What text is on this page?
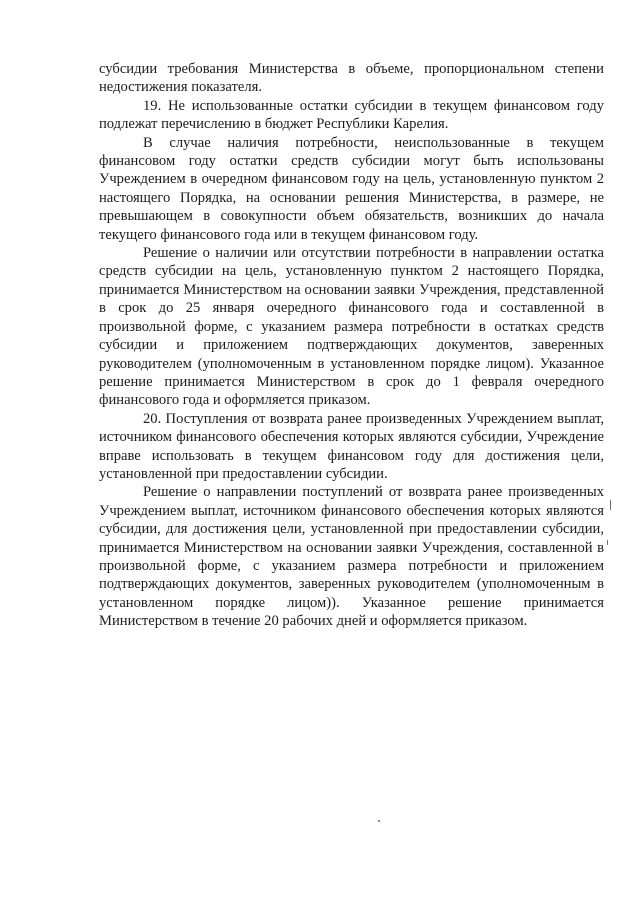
субсидии требования Министерства в объеме, пропорциональном степени недостижения показателя.

19. Не использованные остатки субсидии в текущем финансовом году подлежат перечислению в бюджет Республики Карелия.

В случае наличия потребности, неиспользованные в текущем финансовом году остатки средств субсидии могут быть использованы Учреждением в очередном финансовом году на цель, установленную пунктом 2 настоящего Порядка, на основании решения Министерства, в размере, не превышающем в совокупности объем обязательств, возникших до начала текущего финансового года или в текущем финансовом году.

Решение о наличии или отсутствии потребности в направлении остатка средств субсидии на цель, установленную пунктом 2 настоящего Порядка, принимается Министерством на основании заявки Учреждения, представленной в срок до 25 января очередного финансового года и составленной в произвольной форме, с указанием размера потребности в остатках средств субсидии и приложением подтверждающих документов, заверенных руководителем (уполномоченным в установленном порядке лицом). Указанное решение принимается Министерством в срок до 1 февраля очередного финансового года и оформляется приказом.

20. Поступления от возврата ранее произведенных Учреждением выплат, источником финансового обеспечения которых являются субсидии, Учреждение вправе использовать в текущем финансовом году для достижения цели, установленной при предоставлении субсидии.

Решение о направлении поступлений от возврата ранее произведенных Учреждением выплат, источником финансового обеспечения которых являются субсидии, для достижения цели, установленной при предоставлении субсидии, принимается Министерством на основании заявки Учреждения, составленной в произвольной форме, с указанием размера потребности и приложением подтверждающих документов, заверенных руководителем (уполномоченным в установленном порядке лицом)). Указанное решение принимается Министерством в течение 20 рабочих дней и оформляется приказом.
